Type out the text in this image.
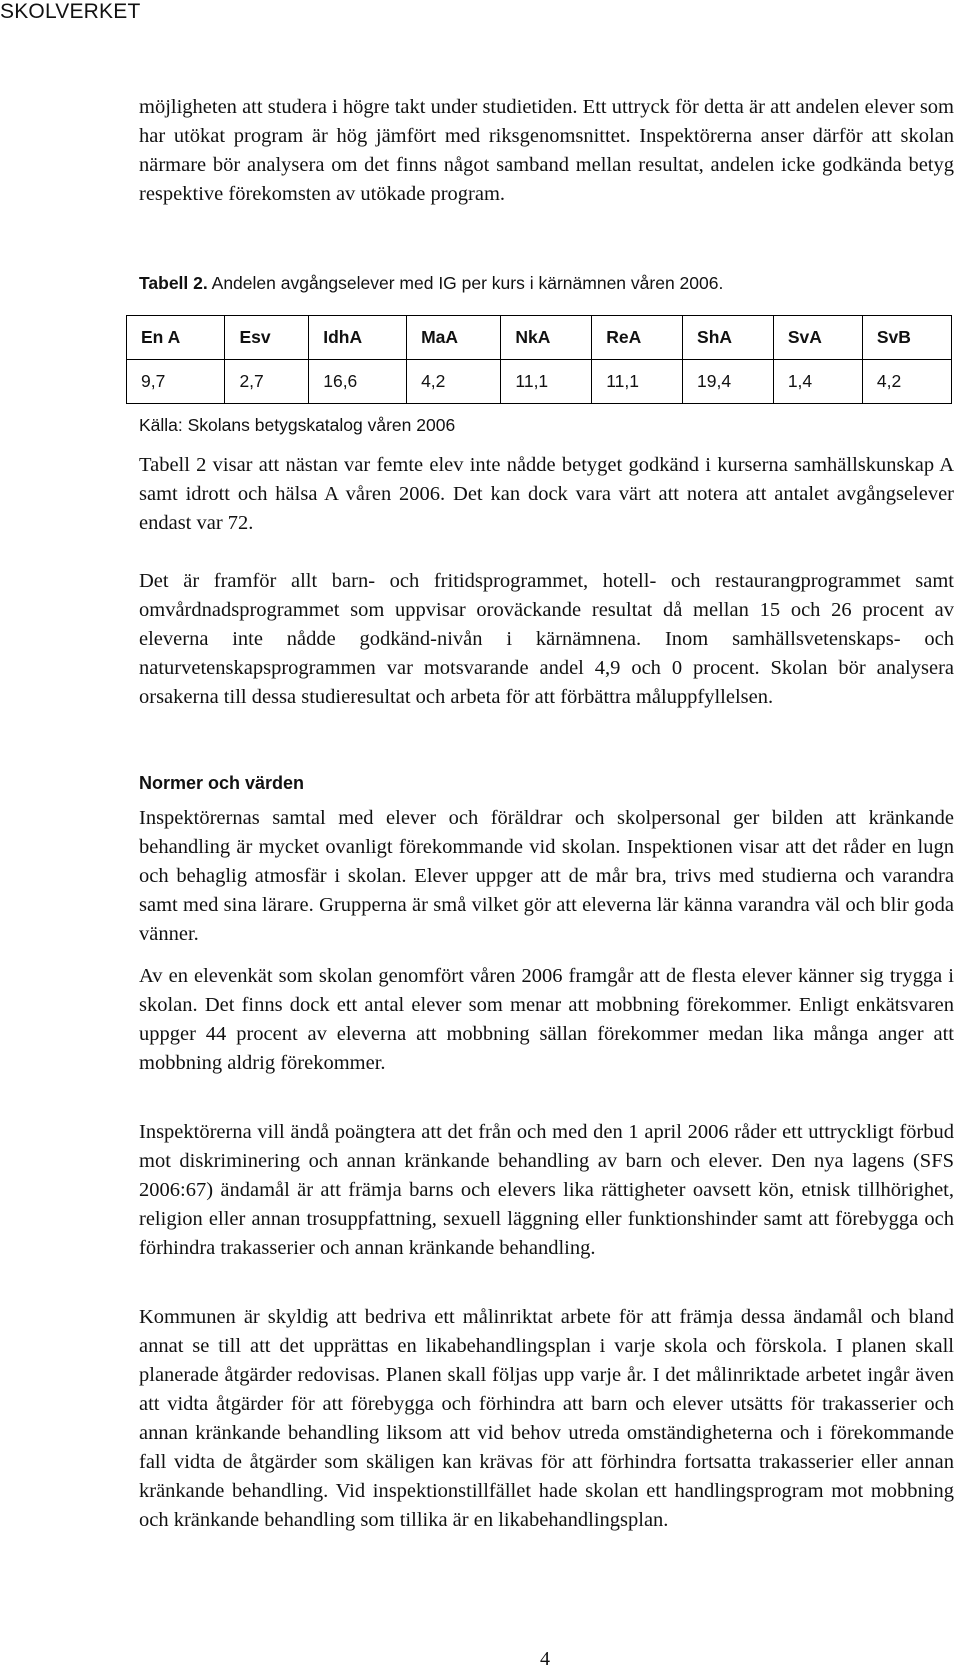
SKOLVERKET

möjligheten att studera i högre takt under studietiden. Ett uttryck för detta är att andelen elever som har utökat program är hög jämfört med riksgenomsnittet. Inspektörerna anser därför att skolan närmare bör analysera om det finns något samband mellan resultat, andelen icke godkända betyg respektive förekomsten av utökade program.

Tabell 2. Andelen avgångselever med IG per kurs i kärnämnen våren 2006.
En A	Esv	IdhA	MaA	NkA	ReA	ShA	SvA	SvB
9,7	2,7	16,6	4,2	11,1	11,1	19,4	1,4	4,2
Källa: Skolans betygskatalog våren 2006

Tabell 2 visar att nästan var femte elev inte nådde betyget godkänd i kurserna samhällskunskap A samt idrott och hälsa A våren 2006. Det kan dock vara värt att notera att antalet avgångselever endast var 72.

Det är framför allt barn- och fritidsprogrammet, hotell- och restaurangprogrammet samt omvårdnadsprogrammet som uppvisar oroväckande resultat då mellan 15 och 26 procent av eleverna inte nådde godkänd-nivån i kärnämnena. Inom samhällsvetenskaps- och naturvetenskapsprogrammen var motsvarande andel 4,9 och 0 procent. Skolan bör analysera orsakerna till dessa studieresultat och arbeta för att förbättra måluppfyllelsen.

Normer och värden

Inspektörernas samtal med elever och föräldrar och skolpersonal ger bilden att kränkande behandling är mycket ovanligt förekommande vid skolan. Inspektionen visar att det råder en lugn och behaglig atmosfär i skolan. Elever uppger att de mår bra, trivs med studierna och varandra samt med sina lärare. Grupperna är små vilket gör att eleverna lär känna varandra väl och blir goda vänner.

Av en elevenkät som skolan genomfört våren 2006 framgår att de flesta elever känner sig trygga i skolan. Det finns dock ett antal elever som menar att mobbning förekommer. Enligt enkätsvaren uppger 44 procent av eleverna att mobbning sällan förekommer medan lika många anger att mobbning aldrig förekommer.

Inspektörerna vill ändå poängtera att det från och med den 1 april 2006 råder ett uttryckligt förbud mot diskriminering och annan kränkande behandling av barn och elever. Den nya lagens (SFS 2006:67) ändamål är att främja barns och elevers lika rättigheter oavsett kön, etnisk tillhörighet, religion eller annan trosuppfattning, sexuell läggning eller funktionshinder samt att förebygga och förhindra trakasserier och annan kränkande behandling.

Kommunen är skyldig att bedriva ett målinriktat arbete för att främja dessa ändamål och bland annat se till att det upprättas en likabehandlingsplan i varje skola och förskola. I planen skall planerade åtgärder redovisas. Planen skall följas upp varje år. I det målinriktade arbetet ingår även att vidta åtgärder för att förebygga och förhindra att barn och elever utsätts för trakasserier och annan kränkande behandling liksom att vid behov utreda omständigheterna och i förekommande fall vidta de åtgärder som skäligen kan krävas för att förhindra fortsatta trakasserier eller annan kränkande behandling. Vid inspektionstillfället hade skolan ett handlingsprogram mot mobbning och kränkande behandling som tillika är en likabehandlingsplan.

4
